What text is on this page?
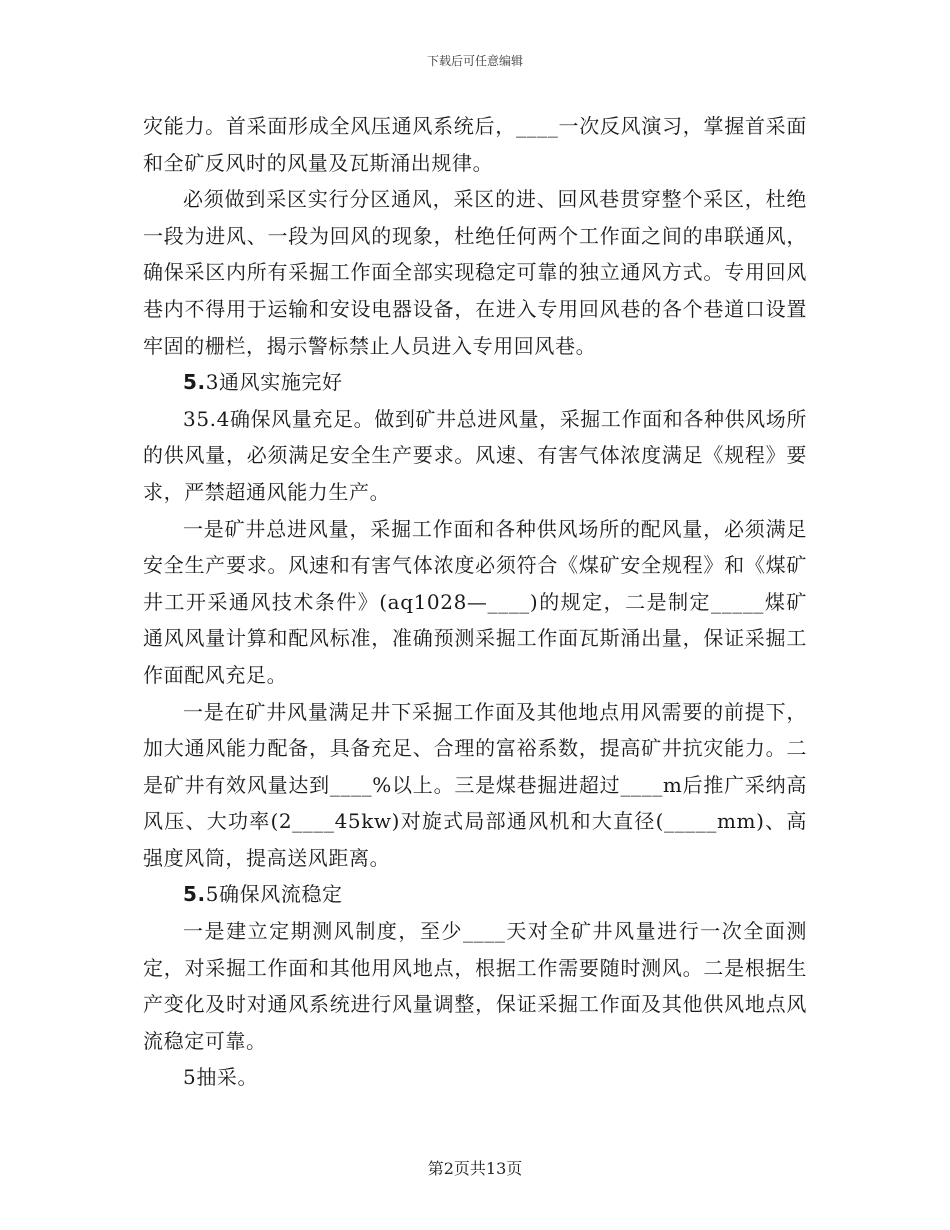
下载后可任意编辑

灾能力。首采面形成全风压通风系统后，____一次反风演习，掌握首采面和全矿反风时的风量及瓦斯涌出规律。

必须做到采区实行分区通风，采区的进、回风巷贯穿整个采区，杜绝一段为进风、一段为回风的现象，杜绝任何两个工作面之间的串联通风，确保采区内所有采掘工作面全部实现稳定可靠的独立通风方式。专用回风巷内不得用于运输和安设电器设备，在进入专用回风巷的各个巷道口设置牢固的栅栏，揭示警标禁止人员进入专用回风巷。

5.3通风实施完好

35.4确保风量充足。做到矿井总进风量，采掘工作面和各种供风场所的供风量，必须满足安全生产要求。风速、有害气体浓度满足《规程》要求，严禁超通风能力生产。

一是矿井总进风量，采掘工作面和各种供风场所的配风量，必须满足安全生产要求。风速和有害气体浓度必须符合《煤矿安全规程》和《煤矿井工开采通风技术条件》(aq1028—____)的规定，二是制定_____煤矿通风风量计算和配风标准，准确预测采掘工作面瓦斯涌出量，保证采掘工作面配风充足。

一是在矿井风量满足井下采掘工作面及其他地点用风需要的前提下，加大通风能力配备，具备充足、合理的富裕系数，提高矿井抗灾能力。二是矿井有效风量达到____%以上。三是煤巷掘进超过____m后推广采纳高风压、大功率(2____45kw)对旋式局部通风机和大直径(_____mm)、高强度风筒，提高送风距离。

5.5确保风流稳定

一是建立定期测风制度，至少____天对全矿井风量进行一次全面测定，对采掘工作面和其他用风地点，根据工作需要随时测风。二是根据生产变化及时对通风系统进行风量调整，保证采掘工作面及其他供风地点风流稳定可靠。

5抽采。

第2页共13页
